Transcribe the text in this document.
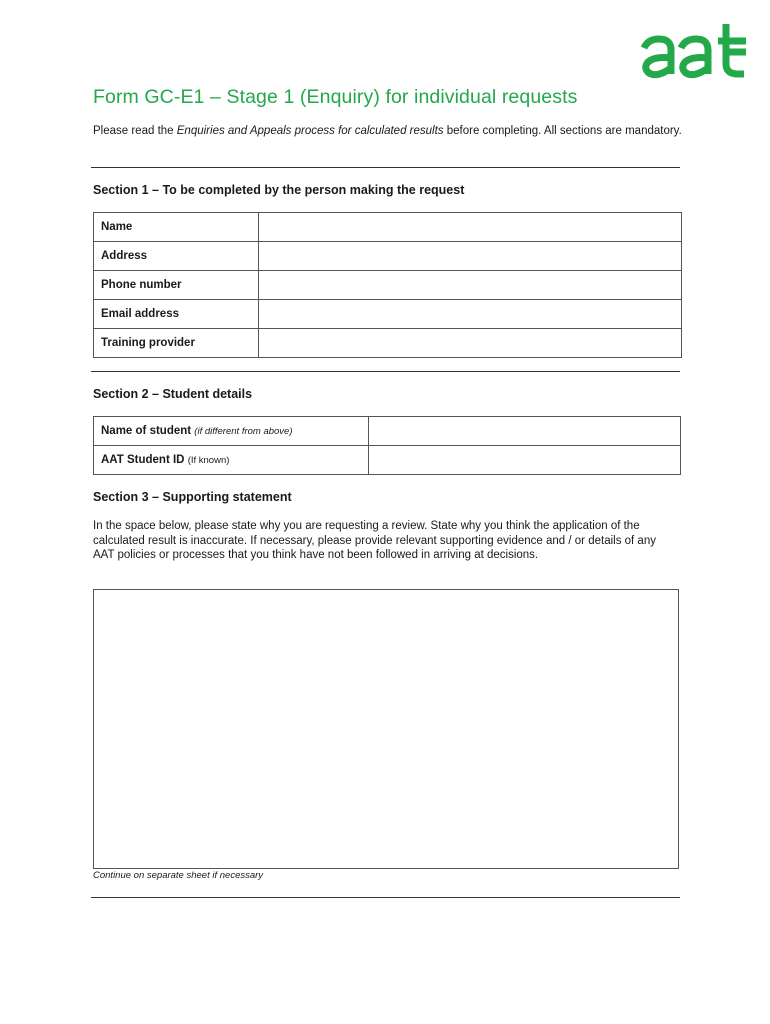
Form GC-E1 – Stage 1 (Enquiry) for individual requests

Please read the Enquiries and Appeals process for calculated results before completing. All sections are mandatory.

Section 1 – To be completed by the person making the request
Name	
Address	
Phone number	
Email address	
Training provider	
Section 2 – Student details
Name of student (if different from above)	
AAT Student ID (If known)	
Section 3 – Supporting statement

In the space below, please state why you are requesting a review. State why you think the application of the calculated result is inaccurate. If necessary, please provide relevant supporting evidence and / or details of any AAT policies or processes that you think have not been followed in arriving at decisions.

Continue on separate sheet if necessary
